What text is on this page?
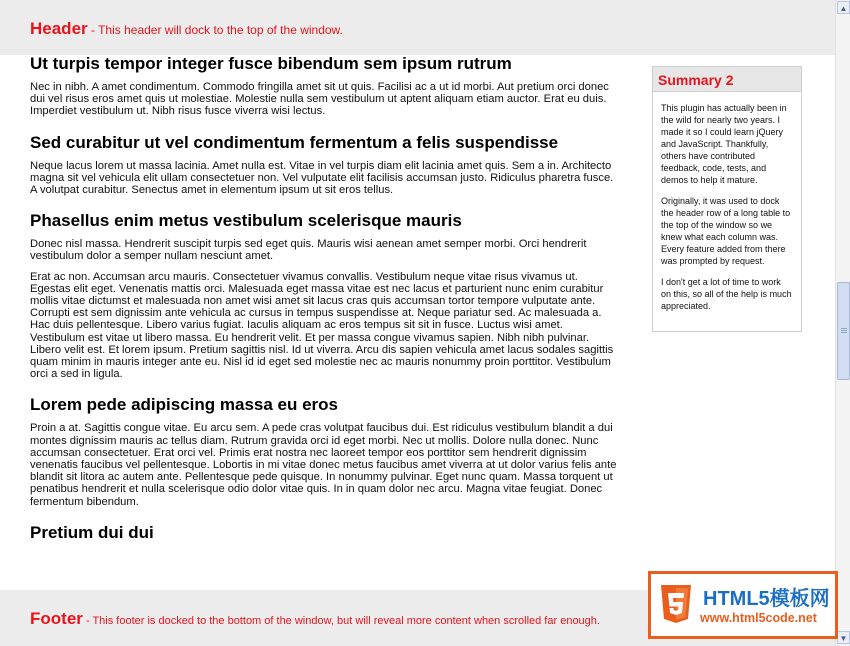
Header - This header will dock to the top of the window.
Ut turpis tempor integer fusce bibendum sem ipsum rutrum

Nec in nibh. A amet condimentum. Commodo fringilla amet sit ut quis. Facilisi ac a ut id morbi. Aut pretium orci donec dui vel risus eros amet quis ut molestiae. Molestie nulla sem vestibulum ut aptent aliquam etiam auctor. Erat eu duis. Imperdiet vestibulum ut. Nibh risus fusce viverra wisi lectus.

Sed curabitur ut vel condimentum fermentum a felis suspendisse

Neque lacus lorem ut massa lacinia. Amet nulla est. Vitae in vel turpis diam elit lacinia amet quis. Sem a in. Architecto magna sit vel vehicula elit ullam consectetuer non. Vel vulputate elit facilisis accumsan justo. Ridiculus pharetra fusce. A volutpat curabitur. Senectus amet in elementum ipsum ut sit eros tellus.

Phasellus enim metus vestibulum scelerisque mauris

Donec nisl massa. Hendrerit suscipit turpis sed eget quis. Mauris wisi aenean amet semper morbi. Orci hendrerit vestibulum dolor a semper nullam nesciunt amet.

Erat ac non. Accumsan arcu mauris. Consectetuer vivamus convallis. Vestibulum neque vitae risus vivamus ut. Egestas elit eget. Venenatis mattis orci. Malesuada eget massa vitae est nec lacus et parturient nunc enim curabitur mollis vitae dictumst et malesuada non amet wisi amet sit lacus cras quis accumsan tortor tempore vulputate ante. Corrupti est sem dignissim ante vehicula ac cursus in tempus suspendisse at. Neque pariatur sed. Ac malesuada a. Hac duis pellentesque. Libero varius fugiat. Iaculis aliquam ac eros tempus sit sit in fusce. Luctus wisi amet. Vestibulum est vitae ut libero massa. Eu hendrerit velit. Et per massa congue vivamus sapien. Nibh nibh pulvinar. Libero velit est. Et lorem ipsum. Pretium sagittis nisl. Id ut viverra. Arcu dis sapien vehicula amet lacus sodales sagittis quam minim in mauris integer ante eu. Nisl id id eget sed molestie nec ac mauris nonummy proin porttitor. Vestibulum orci a sed in ligula.

Lorem pede adipiscing massa eu eros

Proin a at. Sagittis congue vitae. Eu arcu sem. A pede cras volutpat faucibus dui. Est ridiculus vestibulum blandit a dui montes dignissim mauris ac tellus diam. Rutrum gravida orci id eget morbi. Nec ut mollis. Dolore nulla donec. Nunc accumsan consectetuer. Erat orci vel. Primis erat nostra nec laoreet tempor eos porttitor sem hendrerit dignissim venenatis faucibus vel pellentesque. Lobortis in mi vitae donec metus faucibus amet viverra at ut dolor varius felis ante blandit sit litora ac autem ante. Pellentesque pede quisque. In nonummy pulvinar. Eget nunc quam. Massa torquent ut penatibus hendrerit et nulla scelerisque odio dolor vitae quis. In in quam dolor nec arcu. Magna vitae feugiat. Donec fermentum bibendum.

Pretium dui dui
Summary 2

This plugin has actually been in the wild for nearly two years. I made it so I could learn jQuery and JavaScript. Thankfully, others have contributed feedback, code, tests, and demos to help it mature.

Originally, it was used to dock the header row of a long table to the top of the window so we knew what each column was. Every feature added from there was prompted by request.

I don't get a lot of time to work on this, so all of the help is much appreciated.

Footer - This footer is docked to the bottom of the window, but will reveal more content when scrolled far enough.
▲
▼
HTML5模板网
www.html5code.net
